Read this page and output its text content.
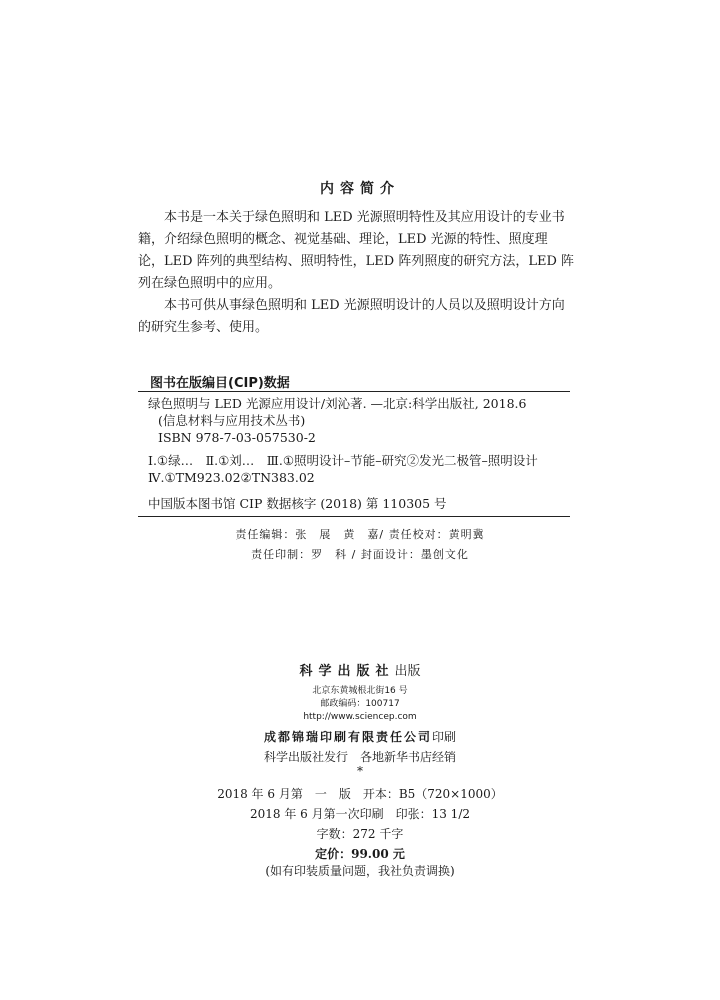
内容简介

本书是一本关于绿色照明和 LED 光源照明特性及其应用设计的专业书

籍，介绍绿色照明的概念、视觉基础、理论，LED 光源的特性、照度理
论，LED 阵列的典型结构、照明特性，LED 阵列照度的研究方法，LED 阵
列在绿色照明中的应用。

本书可供从事绿色照明和 LED 光源照明设计的人员以及照明设计方向

的研究生参考、使用。

图书在版编目(CIP)数据
绿色照明与 LED 光源应用设计/刘沁著. —北京:科学出版社, 2018.6
(信息材料与应用技术丛书)
ISBN 978-7-03-057530-2
Ⅰ.①绿…　Ⅱ.①刘…　Ⅲ.①照明设计–节能–研究②发光二极管–照明设计
Ⅳ.①TM923.02②TN383.02
中国版本图书馆 CIP 数据核字 (2018) 第 110305 号
责任编辑：张　展　黄　嘉/ 责任校对：黄明冀
责任印制：罗　科 / 封面设计：墨创文化
科学出版社出版
北京东黄城根北街16 号
邮政编码：100717
http://www.sciencep.com
成都锦瑞印刷有限责任公司印刷
科学出版社发行　各地新华书店经销
*
2018 年 6 月第　一　版　开本：B5（720×1000）
2018 年 6 月第一次印刷　印张：13 1/2
字数：272 千字
定价：99.00 元
(如有印装质量问题，我社负责调换)
